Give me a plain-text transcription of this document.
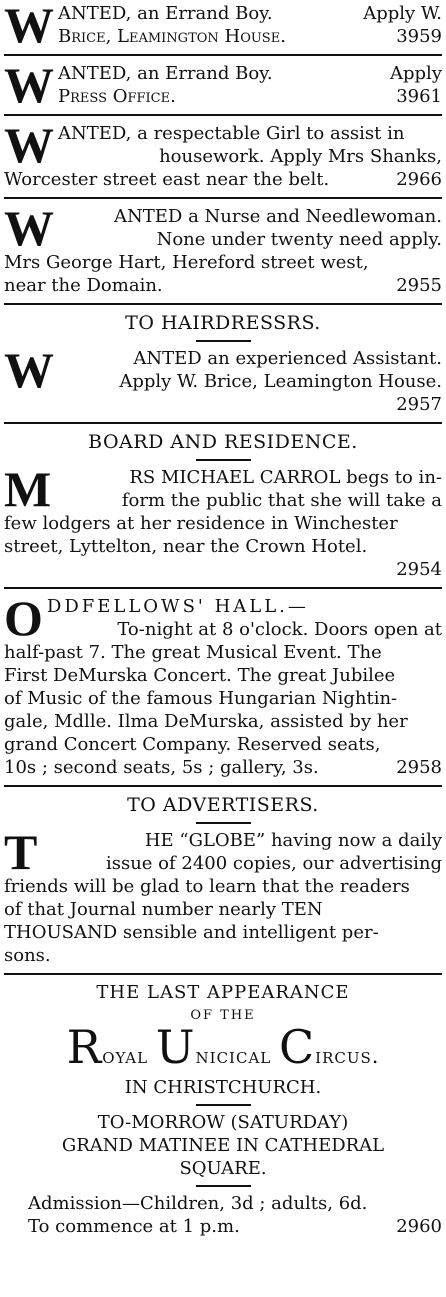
W ANTED, an Errand Boy.	Apply W.
Brice, Leamington House.	3959
W ANTED, an Errand Boy.	Apply
Press Office.	3961
W ANTED, a respectable Girl to assist in
housework. Apply Mrs Shanks,
Worcester street east near the belt.	2966
W	ANTED a Nurse and Needlewoman.
None under twenty need apply.
Mrs George Hart, Hereford street west,
near the Domain.	2955
TO HAIRDRESSRS.
W	ANTED an experienced Assistant.
Apply W. Brice, Leamington House.
2957
BOARD AND RESIDENCE.
M	RS MICHAEL CARROL begs to in-
form the public that she will take a
few lodgers at her residence in Winchester
street, Lyttelton, near the Crown Hotel.
2954
O DDFELLOWS' HALL.—
To-night at 8 o'clock. Doors open at
half-past 7. The great Musical Event. The
First DeMurska Concert. The great Jubilee
of Music of the famous Hungarian Nightin-
gale, Mdlle. Ilma DeMurska, assisted by her
grand Concert Company. Reserved seats,
10s ; second seats, 5s ; gallery, 3s.	2958
TO ADVERTISERS.
T	HE “GLOBE” having now a daily
issue of 2400 copies, our advertising
friends will be glad to learn that the readers
of that Journal number nearly TEN
THOUSAND sensible and intelligent per-
sons.
THE LAST APPEARANCE
OF THE
Royal Unicical Circus.
IN CHRISTCHURCH.
TO-MORROW (SATURDAY)
GRAND MATINEE IN CATHEDRAL
SQUARE.
Admission—Children, 3d ; adults, 6d.
To commence at 1 p.m.	2960
